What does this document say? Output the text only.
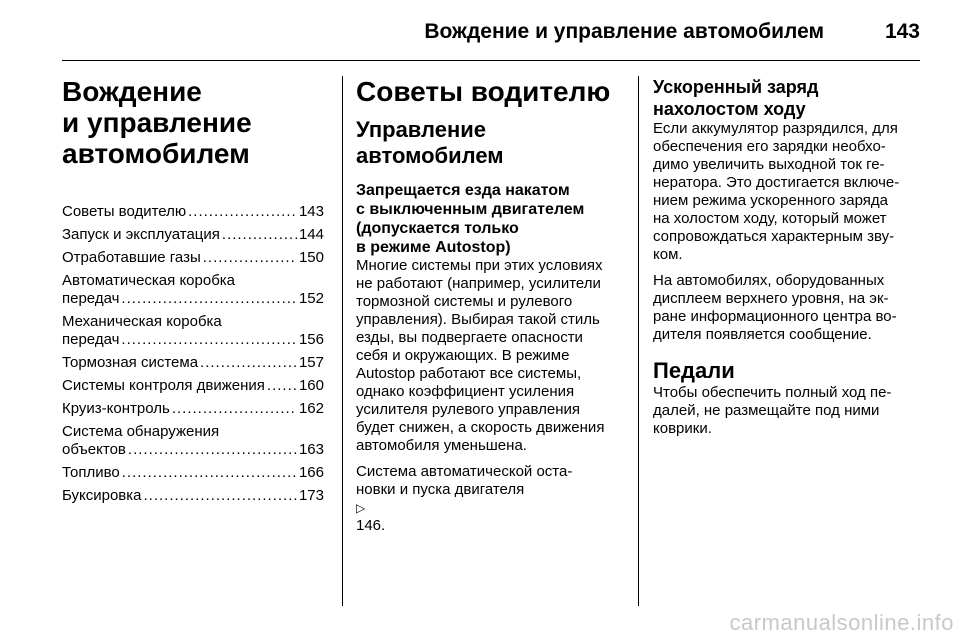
Вождение и управление автомобилем	143
Вождение
и управление
автомобилем
Советы водителю .....	143
Запуск и эксплуатация .....	144
Отработавшие газы .....	150
Автоматическая коробка
передач .....	152
Механическая коробка
передач .....	156
Тормозная система .....	157
Системы контроля движения ..... 160
Круиз-контроль .....	162
Система обнаружения
объектов .....	163
Топливо .....	166
Буксировка .....	173
Советы водителю
Управление
автомобилем
Запрещается езда накатом
с выключенным двигателем
(допускается только
в режиме Autostop)

Многие системы при этих условиях
не работают (например, усилители
тормозной системы и рулевого
управления). Выбирая такой стиль
езды, вы подвергаете опасности
себя и окружающих. В режиме
Autostop работают все системы,
однако коэффициент усиления
усилителя рулевого управления
будет снижен, а скорость движения
автомобиля уменьшена.

Система автоматической оста-
новки и пуска двигателя
▷
146.

Ускоренный заряд нахолостом ходу

Если аккумулятор разрядился, для
обеспечения его зарядки необхо-
димо увеличить выходной ток ге-
нератора. Это достигается включе-
нием режима ускоренного заряда
на холостом ходу, который может
сопровождаться характерным зву-
ком.

На автомобилях, оборудованных
дисплеем верхнего уровня, на эк-
ране информационного центра во-
дителя появляется сообщение.

Педали

Чтобы обеспечить полный ход пе-
далей, не размещайте под ними
коврики.

carmanualsonline.info
